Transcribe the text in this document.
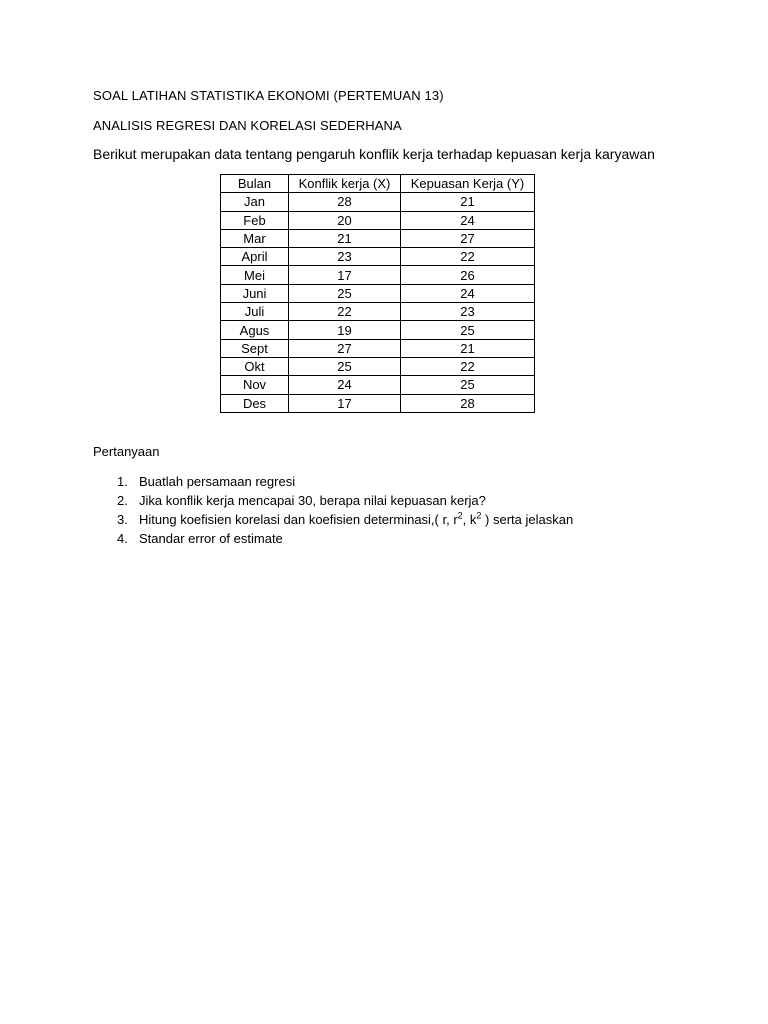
SOAL LATIHAN STATISTIKA EKONOMI (PERTEMUAN 13)
ANALISIS REGRESI DAN KORELASI SEDERHANA
Berikut merupakan data tentang pengaruh konflik kerja terhadap kepuasan kerja karyawan
Bulan	Konflik kerja (X)	Kepuasan Kerja (Y)
Jan	28	21
Feb	20	24
Mar	21	27
April	23	22
Mei	17	26
Juni	25	24
Juli	22	23
Agus	19	25
Sept	27	21
Okt	25	22
Nov	24	25
Des	17	28
Pertanyaan
1. Buatlah persamaan regresi
2. Jika konflik kerja mencapai 30, berapa nilai kepuasan kerja?
3. Hitung koefisien korelasi dan koefisien determinasi,( r, $r^2$, $k^2$ ) serta jelaskan
4. Standar error of estimate
